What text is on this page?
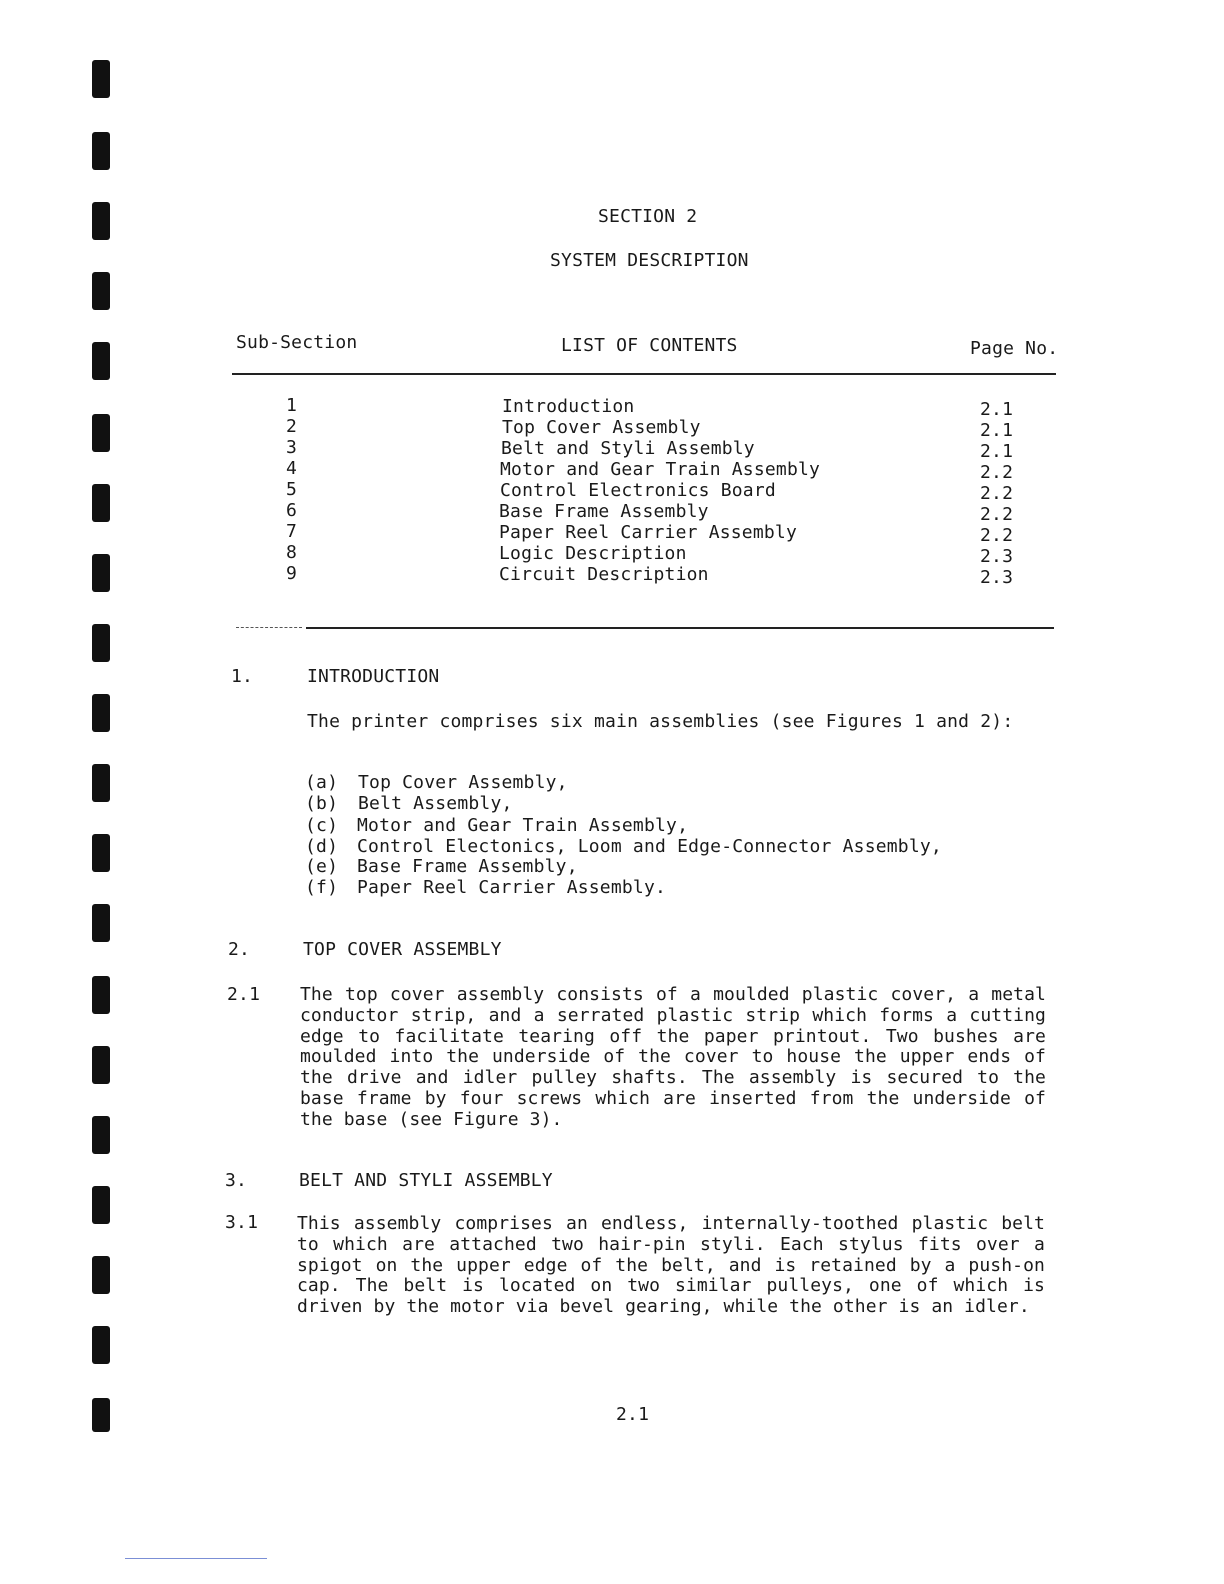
SECTION 2
SYSTEM DESCRIPTION
Sub-Section	LIST OF CONTENTS	Page No.
1	Introduction	2.1
2	Top Cover Assembly	2.1
3	Belt and Styli Assembly	2.1
4	Motor and Gear Train Assembly	2.2
5	Control Electronics Board	2.2
6	Base Frame Assembly	2.2
7	Paper Reel Carrier Assembly	2.2
8	Logic Description	2.3
9	Circuit Description	2.3
1.	INTRODUCTION
The printer comprises six main assemblies (see Figures 1 and 2):
(a) Top Cover Assembly,
(b) Belt Assembly,
(c) Motor and Gear Train Assembly,
(d) Control Electonics, Loom and Edge-Connector Assembly,
(e) Base Frame Assembly,
(f) Paper Reel Carrier Assembly.
2.	TOP COVER ASSEMBLY
2.1 The top cover assembly consists of a moulded plastic cover, a metal conductor strip, and a serrated plastic strip which forms a cutting edge to facilitate tearing off the paper printout. Two bushes are moulded into the underside of the cover to house the upper ends of the drive and idler pulley shafts. The assembly is secured to the base frame by four screws which are inserted from the underside of the base (see Figure 3).
3.	BELT AND STYLI ASSEMBLY
3.1 This assembly comprises an endless, internally-toothed plastic belt to which are attached two hair-pin styli. Each stylus fits over a spigot on the upper edge of the belt, and is retained by a push-on cap. The belt is located on two similar pulleys, one of which is driven by the motor via bevel gearing, while the other is an idler.
2.1
